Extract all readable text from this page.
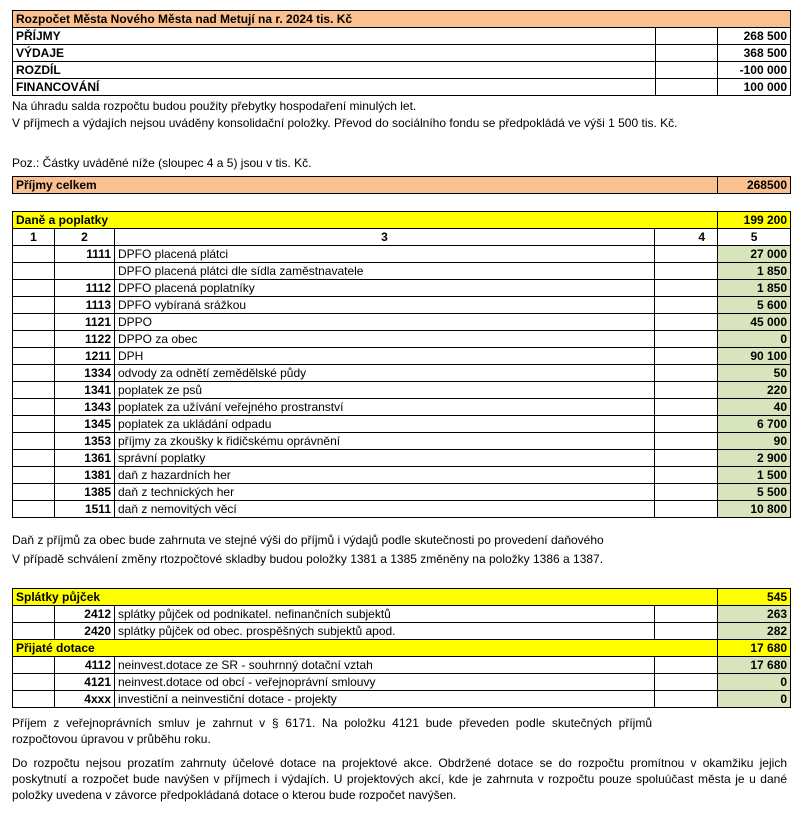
Rozpočet Města Nového Města nad Metují na r. 2024 tis. Kč		
PŘÍJMY		268 500
VÝDAJE		368 500
ROZDÍL		-100 000
FINANCOVÁNÍ		100 000
Na úhradu salda rozpočtu budou použity přebytky hospodaření minulých let.
V příjmech a výdajích nejsou uváděny konsolidační položky. Převod do sociálního fondu se předpokládá ve výši 1 500 tis. Kč.
Poz.: Částky uváděné níže (sloupec 4 a 5) jsou v tis. Kč.
Příjmy celkem	268500
Daně a poplatky				199 200
1	2	3	4	5
	1111	DPFO placená plátci		27 000
		DPFO placená plátci dle sídla zaměstnavatele		1 850
	1112	DPFO placená poplatníky		1 850
	1113	DPFO vybíraná srážkou		5 600
	1121	DPPO		45 000
	1122	DPPO za obec		0
	1211	DPH		90 100
	1334	odvody za odnětí zemědělské půdy		50
	1341	poplatek ze psů		220
	1343	poplatek za užívání veřejného prostranství		40
	1345	poplatek za ukládání odpadu		6 700
	1353	příjmy za zkoušky k řidičskému oprávnění		90
	1361	správní poplatky		2 900
	1381	daň z hazardních her		1 500
	1385	daň z technických her		5 500
	1511	daň z nemovitých věcí		10 800
Daň z příjmů za obec bude zahrnuta ve stejné výši do příjmů i výdajů podle skutečnosti po provedení daňového
V případě schválení změny rtozpočtové skladby budou položky 1381 a 1385 změněny na položky 1386 a 1387.
Splátky půjček				545
	2412	splátky půjček od podnikatel. nefinančních subjektů		263
	2420	splátky půjček od obec. prospěšných subjektů apod.		282
Přijaté dotace				17 680
	4112	neinvest.dotace ze SR - souhrnný dotační vztah		17 680
	4121	neinvest.dotace od obcí - veřejnoprávní smlouvy		0
	4xxx	investiční a neinvestiční dotace - projekty		0
Příjem z veřejnoprávních smluv je zahrnut v § 6171. Na položku 4121 bude převeden podle skutečných příjmů rozpočtovou úpravou v průběhu roku.
Do rozpočtu nejsou prozatím zahrnuty účelové dotace na projektové akce. Obdržené dotace se do rozpočtu promítnou v okamžiku jejich poskytnutí a rozpočet bude navýšen v příjmech i výdajích. U projektových akcí, kde je zahrnuta v rozpočtu pouze spoluúčast města je u dané položky uvedena v závorce předpokládaná dotace o kterou bude rozpočet navýšen.
